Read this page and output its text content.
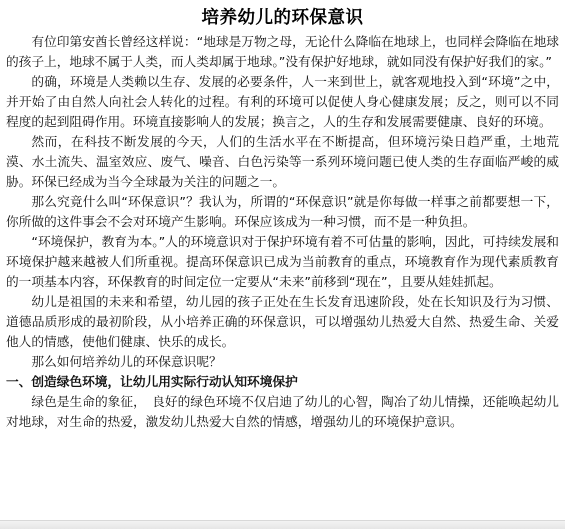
培养幼儿的环保意识

有位印第安酋长曾经这样说：“地球是万物之母，无论什么降临在地球上，也同样会降临在地球的孩子上，地球不属于人类，而人类却属于地球。”没有保护好地球，就如同没有保护好我们的家。”

的确，环境是人类赖以生存、发展的必要条件，人一来到世上，就客观地投入到“环境”之中，并开始了由自然人向社会人转化的过程。有利的环境可以促使人身心健康发展；反之，则可以不同程度的起到阻碍作用。环境直接影响人的发展；换言之，人的生存和发展需要健康、良好的环境。

然而，在科技不断发展的今天，人们的生活水平在不断提高，但环境污染日趋严重，土地荒漠、水土流失、温室效应、废气、噪音、白色污染等一系列环境问题已使人类的生存面临严峻的威胁。环保已经成为当今全球最为关注的问题之一。

那么究竟什么叫“环保意识”？我认为，所谓的“环保意识”就是你每做一样事之前都要想一下，你所做的这件事会不会对环境产生影响。环保应该成为一种习惯，而不是一种负担。

“环境保护，教育为本。”人的环境意识对于保护环境有着不可估量的影响，因此，可持续发展和环境保护越来越被人们所重视。提高环保意识已成为当前教育的重点，环境教育作为现代素质教育的一项基本内容，环保教育的时间定位一定要从“未来”前移到“现在”，且要从娃娃抓起。

幼儿是祖国的未来和希望，幼儿园的孩子正处在生长发育迅速阶段，处在长知识及行为习惯、道德品质形成的最初阶段，从小培养正确的环保意识，可以增强幼儿热爱大自然、热爱生命、关爱他人的情感，使他们健康、快乐的成长。

那么如何培养幼儿的环保意识呢？

一、创造绿色环境，让幼儿用实际行动认知环境保护

绿色是生命的象征，　良好的绿色环境不仅启迪了幼儿的心智，陶冶了幼儿情操，还能唤起幼儿对地球，对生命的热爱，激发幼儿热爱大自然的情感，增强幼儿的环境保护意识。
